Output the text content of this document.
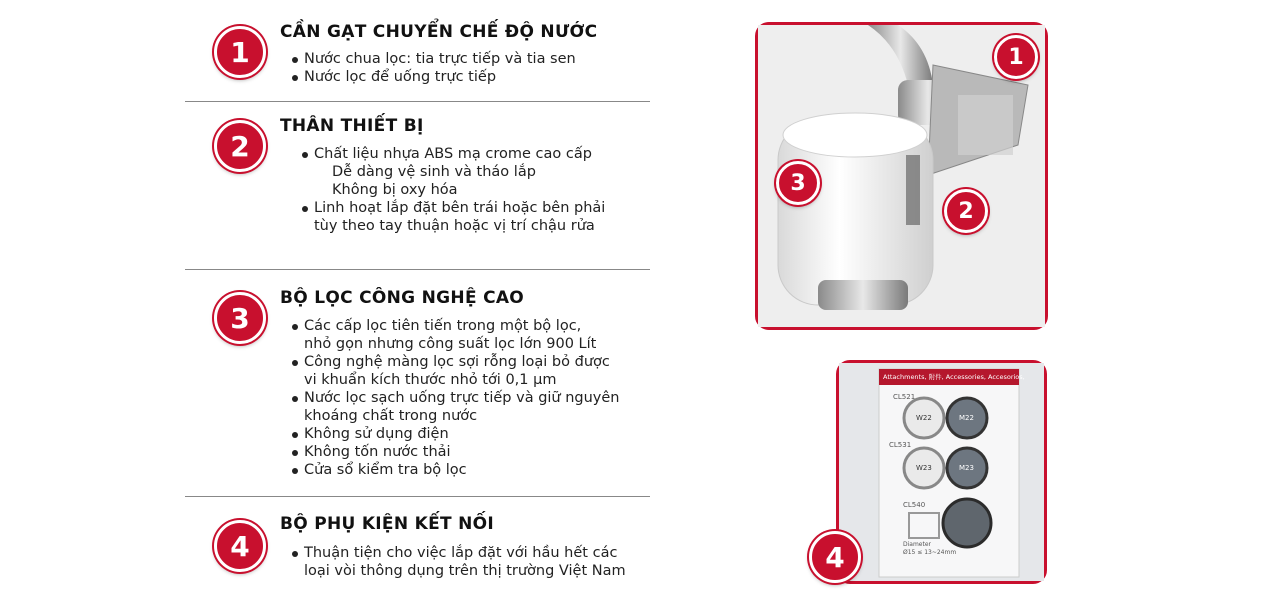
1
CẦN GẠT CHUYỂN CHẾ ĐỘ NƯỚC
Nước chua lọc: tia trực tiếp và tia sen
Nước lọc để uống trực tiếp
2
THÂN THIẾT BỊ
Chất liệu nhựa ABS mạ crome cao cấp
Dễ dàng vệ sinh và tháo lắp
Không bị oxy hóa
Linh hoạt lắp đặt bên trái hoặc bên phải
tùy theo tay thuận hoặc vị trí chậu rửa
3
BỘ LỌC CÔNG NGHỆ CAO
Các cấp lọc tiên tiến trong một bộ lọc,
nhỏ gọn nhưng công suất lọc lớn 900 Lít
Công nghệ màng lọc sợi rỗng loại bỏ được
vi khuẩn kích thước nhỏ tới 0,1 µm
Nước lọc sạch uống trực tiếp và giữ nguyên
khoáng chất trong nước
Không sử dụng điện
Không tốn nước thải
Cửa sổ kiểm tra bộ lọc
4
BỘ PHỤ KIỆN KẾT NỐI
Thuận tiện cho việc lắp đặt với hầu hết các
loại vòi thông dụng trên thị trường Việt Nam
1
2
3
Attachments, 附件, Accessories, Accesorios,
CL521
W22	M22
CL531
W23	M23
CL540
Diameter
Ø15 ≤ 13~24mm
4
